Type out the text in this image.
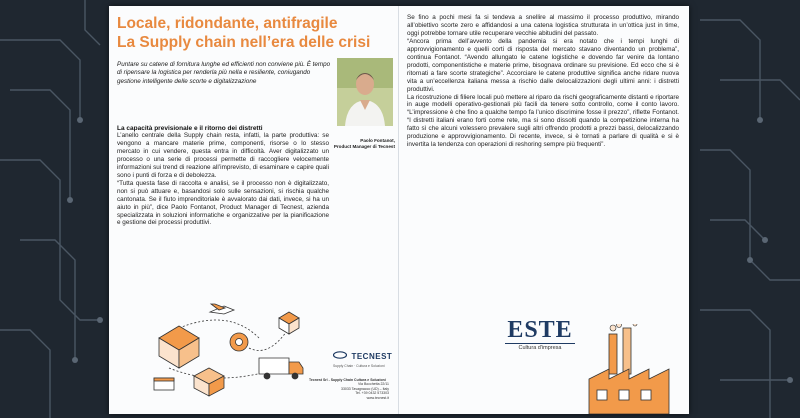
Locale, ridondante, antifragile
La Supply chain nell’era delle crisi

Puntare su catene di fornitura lunghe ed efficienti non conviene più. È tempo di ripensare la logistica per renderla più nella e resiliente, coniugando gestione intelligente delle scorte e digitalizzazione

La capacità previsionale e il ritorno dei distretti

L’anello centrale della Supply chain resta, infatti, la parte produttiva: se vengono a mancare materie prime, componenti, risorse o lo stesso mercato in cui vendere, questa entra in difficoltà. Aver digitalizzato un processo o una serie di processi permette di raccogliere velocemente informazioni sui trend di reazione all’imprevisto, di esaminare e capire quali sono i punti di forza e di debolezza.

“Tutta questa fase di raccolta e analisi, se il processo non è digitalizzato, non si può attuare e, basandosi solo sulle sensazioni, si rischia qualche cantonata. Se il fiuto imprenditoriale è avvalorato dai dati, invece, si ha un aiuto in più”, dice Paolo Fontanot, Product Manager di Tecnest, azienda specializzata in soluzioni informatiche e organizzative per la pianificazione e gestione dei processi produttivi.

Paolo Fontanot,
Product Manager di Tecnest
TECNEST
Supply Chain · Cultura e Soluzioni
Tecnest Srl - Supply Chain Cultura e Soluzioni
Via Bocchetta 22/11
33033 Tavagnacco (UD) – Italy
Tel. +39 0432 573303
www.tecnest.it

Se fino a pochi mesi fa si tendeva a snellire al massimo il processo produttivo, mirando all’obiettivo scorte zero e affidandosi a una catena logistica strutturata in un’ottica just in time, oggi potrebbe tornare utile recuperare vecchie abitudini del passato.

“Ancora prima dell’avvento della pandemia si era notato che i tempi lunghi di approvvigionamento e quelli corti di risposta del mercato stavano diventando un problema”, continua Fontanot. “Avendo allungato le catene logistiche e dovendo far venire da lontano prodotti, componentistiche e materie prime, bisognava ordinare su previsione. Ed ecco che si è ritornati a fare scorte strategiche”. Accorciare le catene produttive significa anche ridare nuova vita a un’eccellenza italiana messa a rischio dalle delocalizzazioni degli ultimi anni: i distretti produttivi.

La ricostruzione di filiere locali può mettere al riparo da rischi geograficamente distanti e riportare in auge modelli operativo-gestionali più facili da tenere sotto controllo, come il conto lavoro. “L’impressione è che fino a qualche tempo fa l’unico discrimine fosse il prezzo”, riflette Fontanot. “I distretti italiani erano forti come rete, ma si sono dissolti quando la competizione interna ha fatto sì che alcuni volessero prevalere sugli altri offrendo prodotti a prezzi bassi, delocalizzando produzione e approvvigionamento. Di recente, invece, si è tornati a parlare di qualità e si è invertita la tendenza con operazioni di reshoring sempre più frequenti”.

ESTE
Cultura d'impresa
